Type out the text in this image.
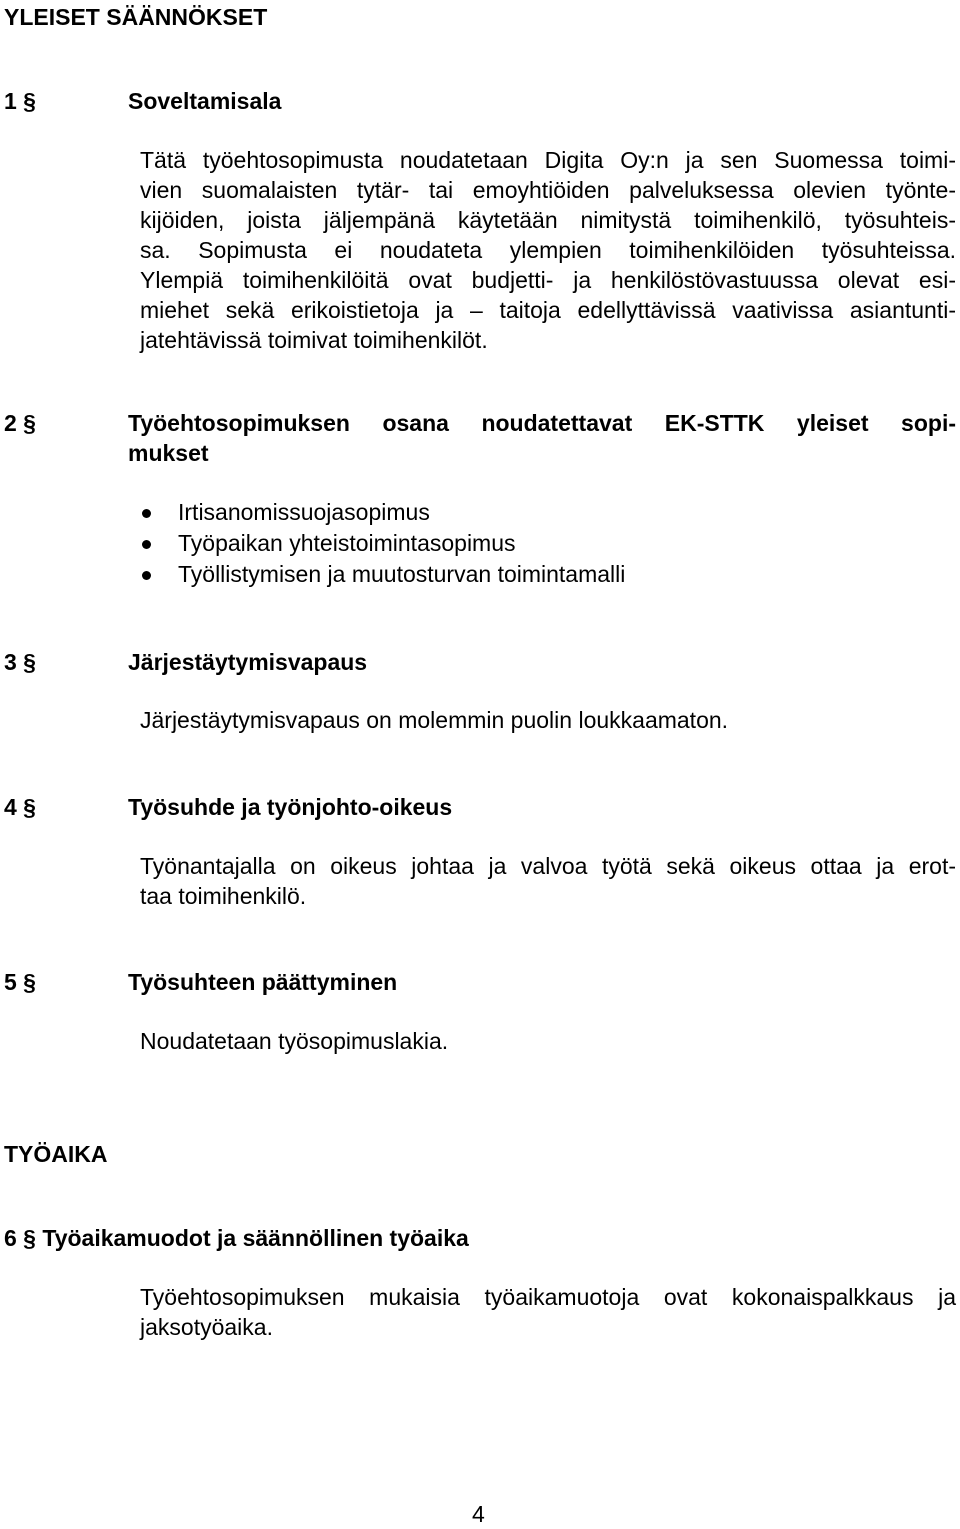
YLEISET SÄÄNNÖKSET
1 §	Soveltamisala
Tätä työehtosopimusta noudatetaan Digita Oy:n ja sen Suomessa toimi-
vien suomalaisten tytär- tai emoyhtiöiden palveluksessa olevien työnte-
kijöiden, joista jäljempänä käytetään nimitystä toimihenkilö, työsuhteis-
sa. Sopimusta ei noudateta ylempien toimihenkilöiden työsuhteissa.
Ylempiä toimihenkilöitä ovat budjetti- ja henkilöstövastuussa olevat esi-
miehet sekä erikoistietoja ja – taitoja edellyttävissä vaativissa asiantunti-
jatehtävissä toimivat toimihenkilöt.
2 §	Työehtosopimuksen osana noudatettavat EK-STTK yleiset sopi-
mukset
Irtisanomissuojasopimus
Työpaikan yhteistoimintasopimus
Työllistymisen ja muutosturvan toimintamalli
3 §	Järjestäytymisvapaus
Järjestäytymisvapaus on molemmin puolin loukkaamaton.
4 §	Työsuhde ja työnjohto-oikeus
Työnantajalla on oikeus johtaa ja valvoa työtä sekä oikeus ottaa ja erot-
taa toimihenkilö.
5 §	Työsuhteen päättyminen
Noudatetaan työsopimuslakia.
TYÖAIKA
6 § Työaikamuodot ja säännöllinen työaika
Työehtosopimuksen mukaisia työaikamuotoja ovat kokonaispalkkaus ja
jaksotyöaika.
4
